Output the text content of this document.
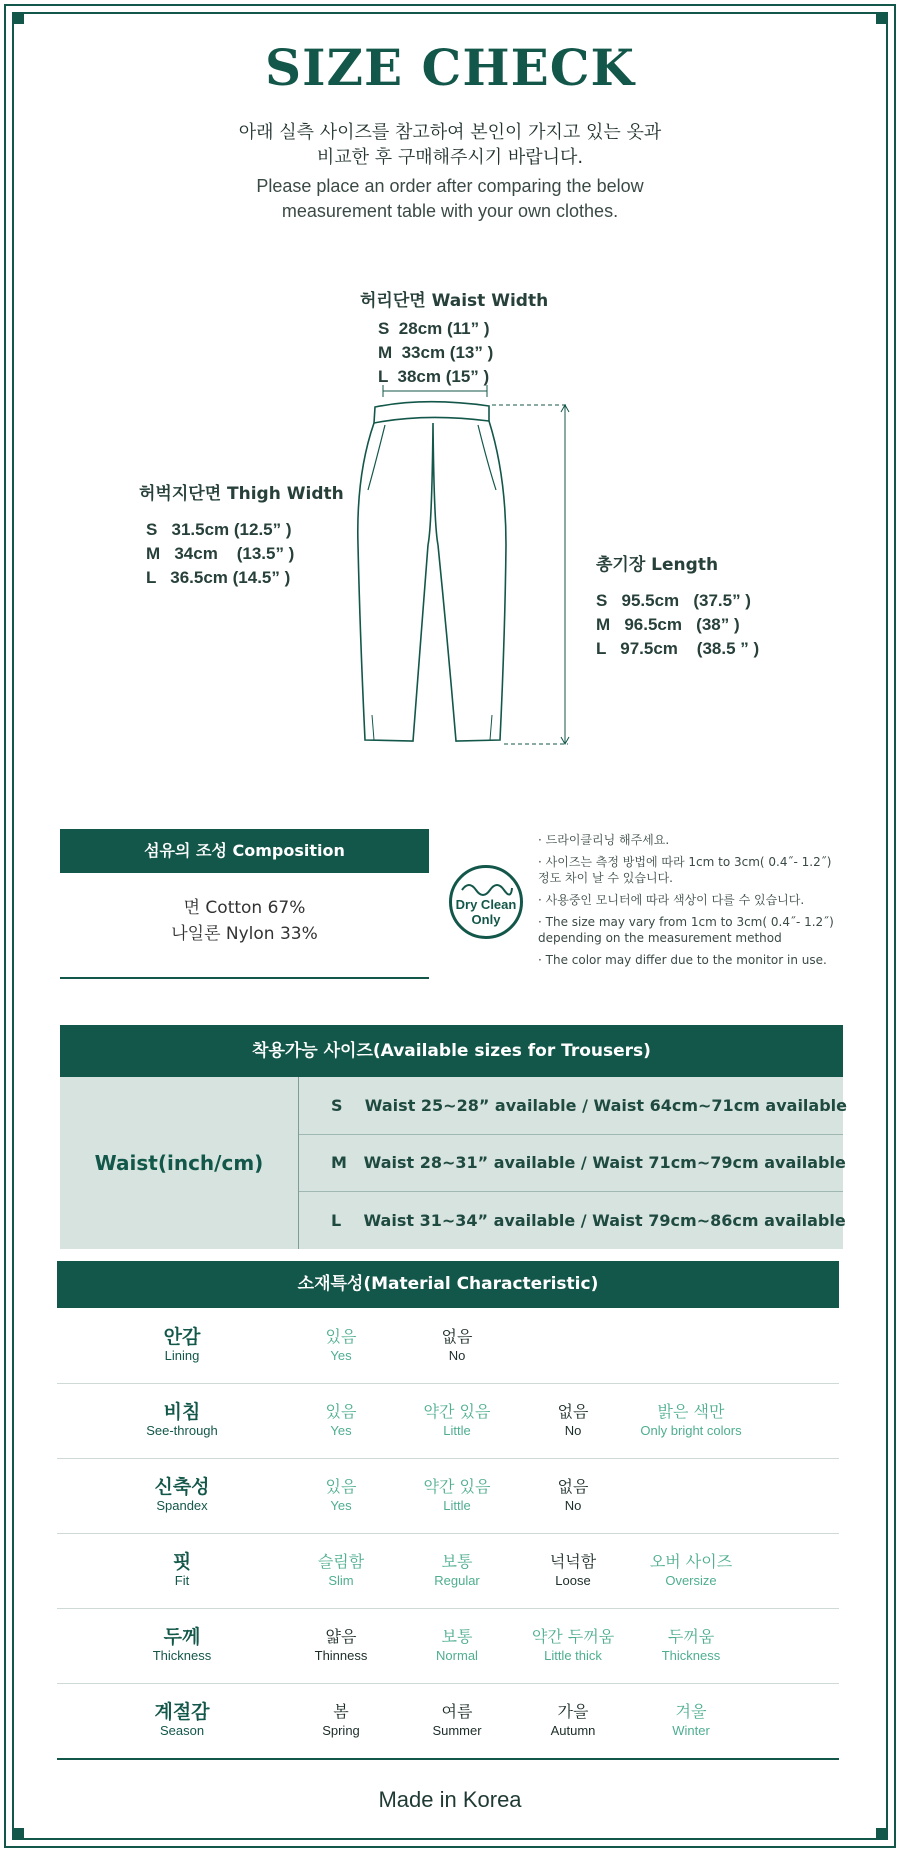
SIZE CHECK
아래 실측 사이즈를 참고하여 본인이 가지고 있는 옷과
비교한 후 구매해주시기 바랍니다.
Please place an order after comparing the below
measurement table with your own clothes.
허리단면 Waist Width
S  28cm (11” )
M  33cm (13” )
L  38cm (15” )
허벅지단면 Thigh Width
S   31.5cm (12.5” )
M   34cm    (13.5” )
L   36.5cm (14.5” )
총기장 Length
S   95.5cm   (37.5” )
M   96.5cm   (38” )
L   97.5cm    (38.5 ” )
섬유의 조성 Composition
면 Cotton 67%
나일론 Nylon 33%
Dry Clean
Only
· 드라이클리닝 해주세요.
· 사이즈는 측정 방법에 따라 1cm to 3cm( 0.4˝- 1.2˝)
정도 차이 날 수 있습니다.
· 사용중인 모니터에 따라 색상이 다를 수 있습니다.
· The size may vary from 1cm to 3cm( 0.4˝- 1.2˝)
depending on the measurement method
· The color may differ due to the monitor in use.
착용가능 사이즈(Available sizes for Trousers)
Waist(inch/cm)
S    Waist 25~28” available / Waist 64cm~71cm available
M   Waist 28~31” available / Waist 71cm~79cm available
L    Waist 31~34” available / Waist 79cm~86cm available
소재특성(Material Characteristic)
안감
Lining
있음
Yes
없음
No
비침
See-through
있음
Yes
약간 있음
Little
없음
No
밝은 색만
Only bright colors
신축성
Spandex
있음
Yes
약간 있음
Little
없음
No
핏
Fit
슬림함
Slim
보통
Regular
넉넉함
Loose
오버 사이즈
Oversize
두께
Thickness
얇음
Thinness
보통
Normal
약간 두꺼움
Little thick
두꺼움
Thickness
계절감
Season
봄
Spring
여름
Summer
가을
Autumn
겨울
Winter
Made in Korea
